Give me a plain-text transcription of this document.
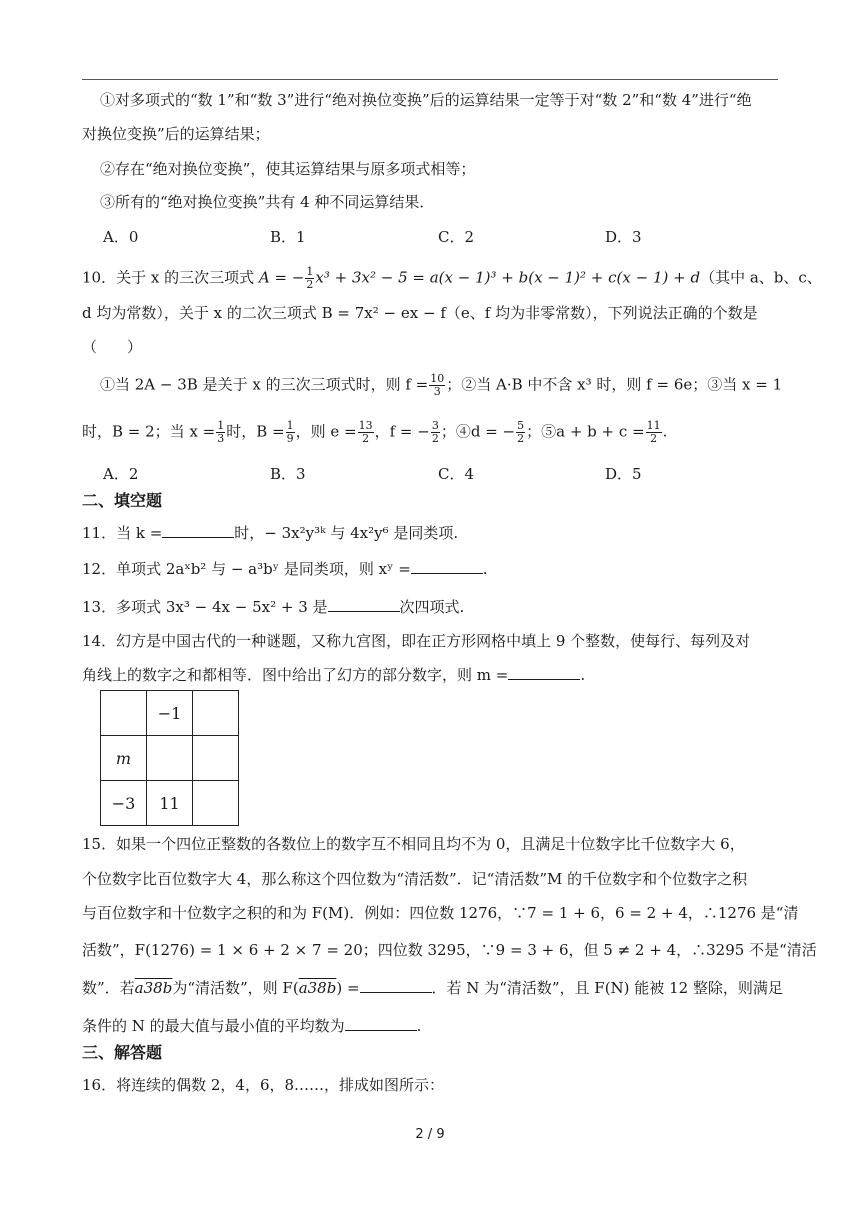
①对多项式的“数 1”和“数 3”进行“绝对换位变换”后的运算结果一定等于对“数 2”和“数 4”进行“绝
对换位变换”后的运算结果；
②存在“绝对换位变换”，使其运算结果与原多项式相等；
③所有的“绝对换位变换”共有 4 种不同运算结果．
A．0	B．1	C．2	D．3
10．关于 x 的三次三项式 A = − $\frac{1}{2} x^3 + 3x^2 - 5 = a(x - 1)^3 + b(x - 1)^2 + c(x - 1) + d$（其中 a、b、c、
d 均为常数），关于 x 的二次三项式 B = 7x² − ex − f（e、f 均为非零常数），下列说法正确的个数是
（　　）
①当 2A − 3B 是关于 x 的三次三项式时，则 $f = \frac{10}{3}$ ；②当 A·B 中不含 x³ 时，则 f = 6e；③当 x = 1
时，B = 2；当 $x = \frac{1}{3}$ 时，$B = \frac{1}{9}$ ，则 $e = \frac{13}{2}$ ，f = − $\frac{3}{2}$ ；④d = − $\frac{5}{2}$ ；⑤a + $b + c = \frac{11}{2}$ .
A．2	B．3	C．4	D．5
二、填空题
11．当 k =	时，− 3x²y³ᵏ 与 4x²y⁶ 是同类项.
12．单项式 2aˣb² 与 − a³bʸ 是同类项，则 xʸ =	.
13．多项式 3x³ − 4x − 5x² + 3 是	次四项式.
14．幻方是中国古代的一种谜题，又称九宫图，即在正方形网格中填上 9 个整数，使每行、每列及对
角线上的数字之和都相等．图中给出了幻方的部分数字，则 m =	.
	−1	
m		
−3	11	
15．如果一个四位正整数的各数位上的数字互不相同且均不为 0，且满足十位数字比千位数字大 6，
个位数字比百位数字大 4，那么称这个四位数为“清活数”．记“清活数”M 的千位数字和个位数字之积
与百位数字和十位数字之积的和为 F(M)．例如：四位数 1276，∵7 = 1 + 6，6 = 2 + 4，∴1276 是“清
活数”，F(1276) = 1 × 6 + 2 × 7 = 20；四位数 3295，∵9 = 3 + 6，但 5 ≠ 2 + 4，∴3295 不是“清活
数”．若a38b为“清活数”，则 F(a38b) =	．若 N 为“清活数”，且 F(N) 能被 12 整除，则满足
条件的 N 的最大值与最小值的平均数为	.
三、解答题
16．将连续的偶数 2，4，6，8……，排成如图所示：
2 / 9
